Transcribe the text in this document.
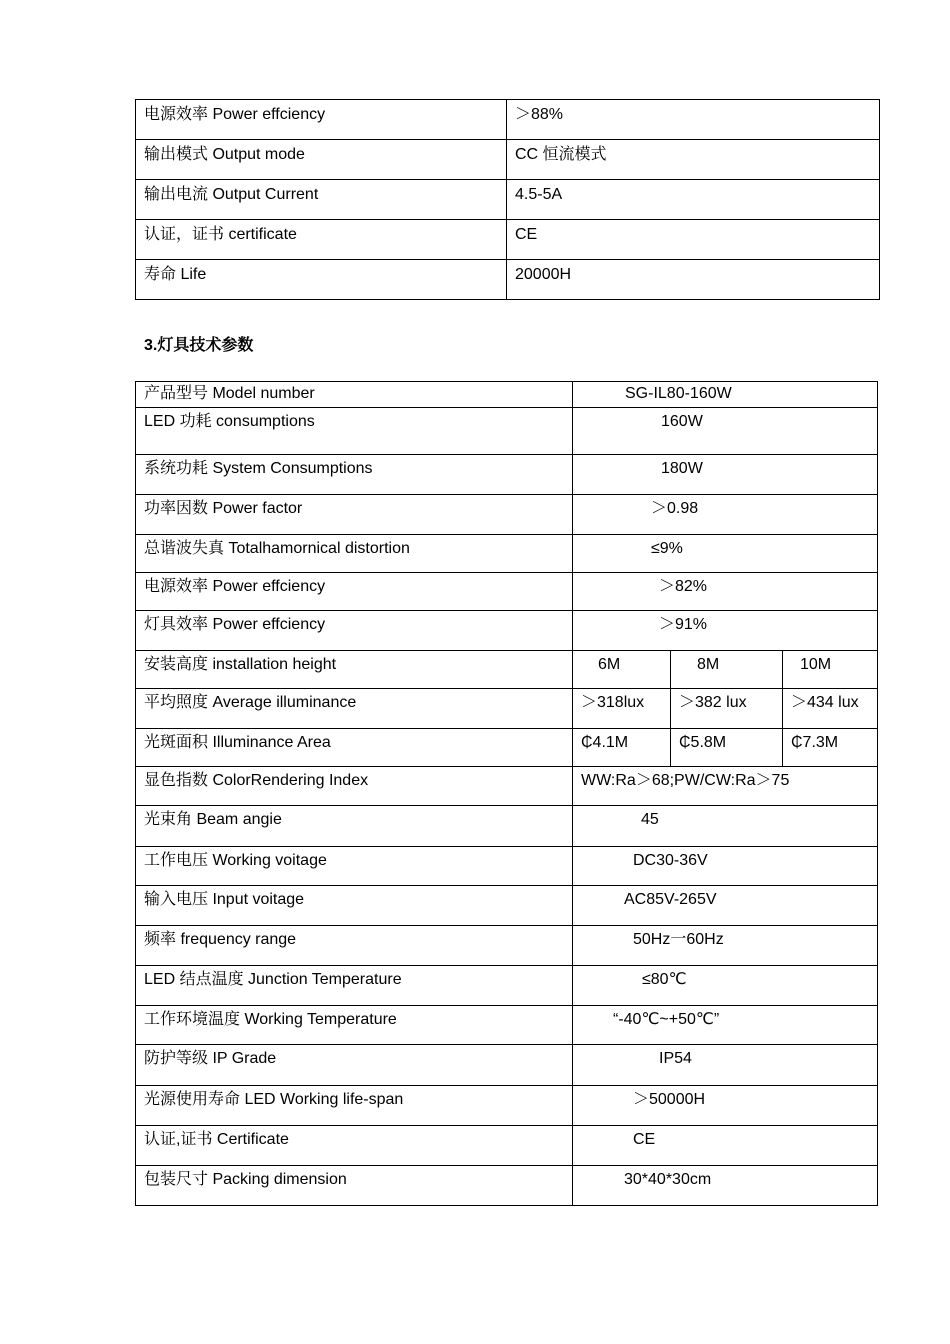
电源效率 Power effciency	＞88%
输出模式 Output mode	CC 恒流模式
输出电流 Output Current	4.5-5A
认证，证书 certificate	CE
寿命 Life	20000H
3.灯具技术参数
产品型号 Model number	SG-IL80-160W		
LED 功耗 consumptions	160W		
系统功耗 System Consumptions	180W		
功率因数 Power factor	＞0.98		
总谐波失真 Totalhamornical distortion	≤9%		
电源效率 Power effciency	＞82%		
灯具效率 Power effciency	＞91%		
安装高度 installation height	6M	8M	10M
平均照度 Average illuminance	＞318lux	＞382 lux	＞434 lux
光斑面积 Illuminance Area	₵4.1M	₵5.8M	₵7.3M
显色指数 ColorRendering Index	WW:Ra＞68;PW/CW:Ra＞75		
光束角 Beam angie	45		
工作电压 Working voitage	DC30-36V		
输入电压 Input voitage	AC85V-265V		
频率 frequency range	50Hz一60Hz		
LED 结点温度 Junction Temperature	≤80℃		
工作环境温度 Working Temperature	“-40℃~+50℃”		
防护等级 IP Grade	IP54		
光源使用寿命 LED Working life-span	＞50000H		
认证,证书 Certificate	CE		
包装尺寸 Packing dimension	30*40*30cm		
